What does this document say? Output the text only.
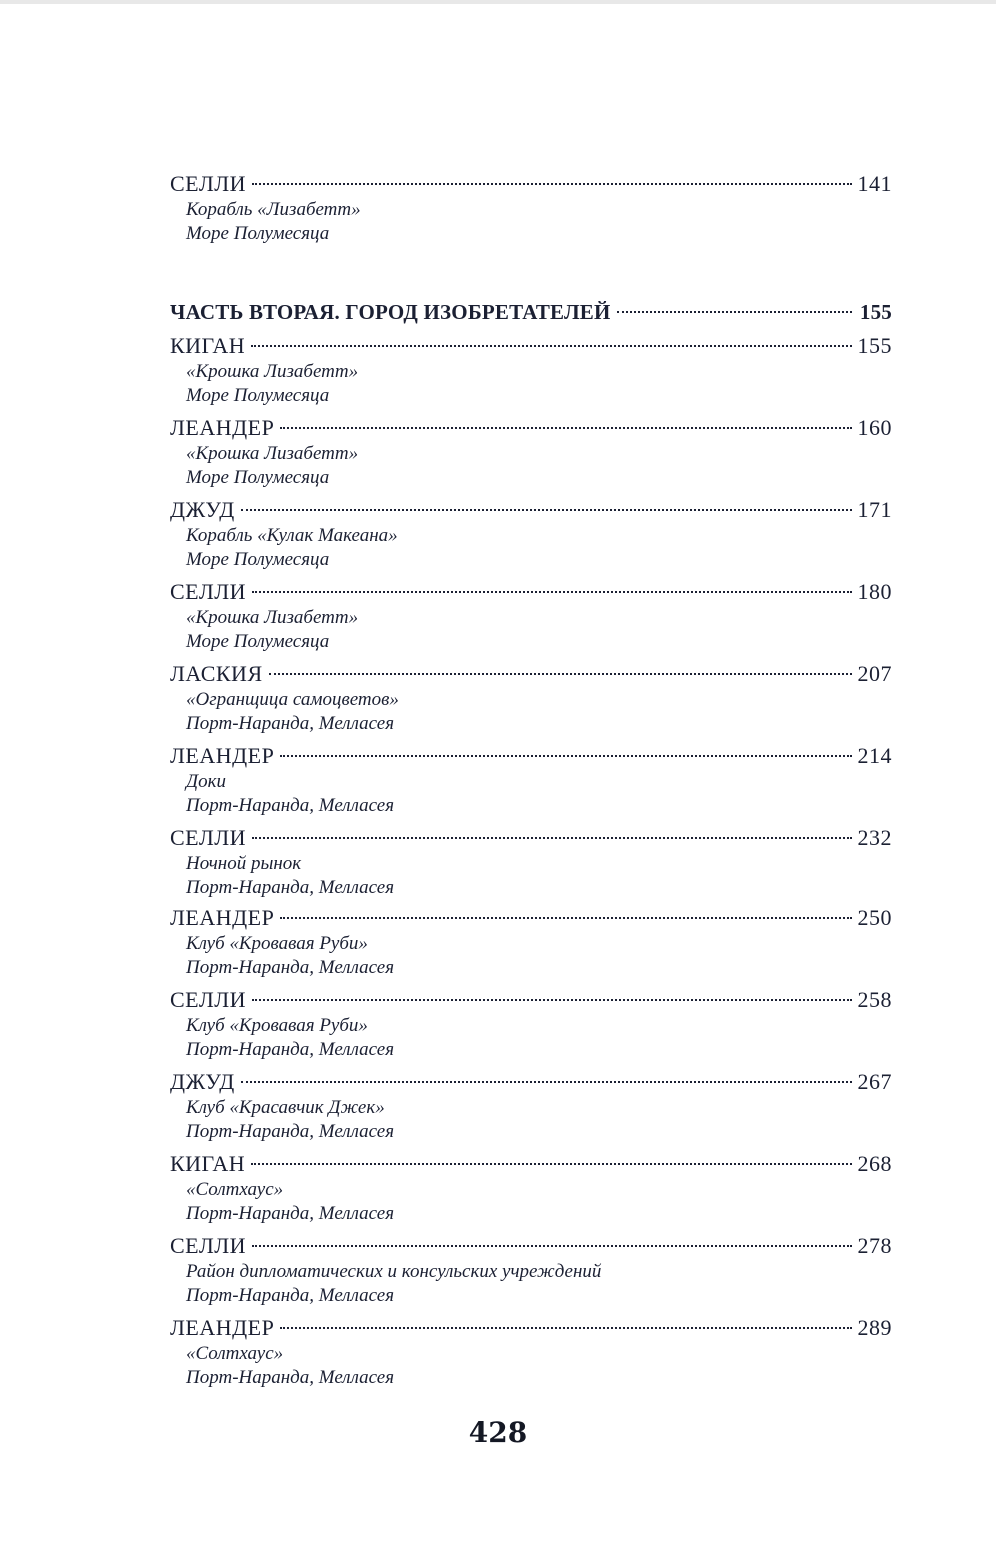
СЕЛЛИ	141
Корабль «Лизабетт»
Море Полумесяца
ЧАСТЬ ВТОРАЯ. ГОРОД ИЗОБРЕТАТЕЛЕЙ	155
КИГАН	155
«Крошка Лизабетт»
Море Полумесяца
ЛЕАНДЕР	160
«Крошка Лизабетт»
Море Полумесяца
ДЖУД	171
Корабль «Кулак Макеана»
Море Полумесяца
СЕЛЛИ	180
«Крошка Лизабетт»
Море Полумесяца
ЛАСКИЯ	207
«Огранщица самоцветов»
Порт-Наранда, Мелласея
ЛЕАНДЕР	214
Доки
Порт-Наранда, Мелласея
СЕЛЛИ	232
Ночной рынок
Порт-Наранда, Мелласея
ЛЕАНДЕР	250
Клуб «Кровавая Руби»
Порт-Наранда, Мелласея
СЕЛЛИ	258
Клуб «Кровавая Руби»
Порт-Наранда, Мелласея
ДЖУД	267
Клуб «Красавчик Джек»
Порт-Наранда, Мелласея
КИГАН	268
«Солтхаус»
Порт-Наранда, Мелласея
СЕЛЛИ	278
Район дипломатических и консульских учреждений
Порт-Наранда, Мелласея
ЛЕАНДЕР	289
«Солтхаус»
Порт-Наранда, Мелласея
428
